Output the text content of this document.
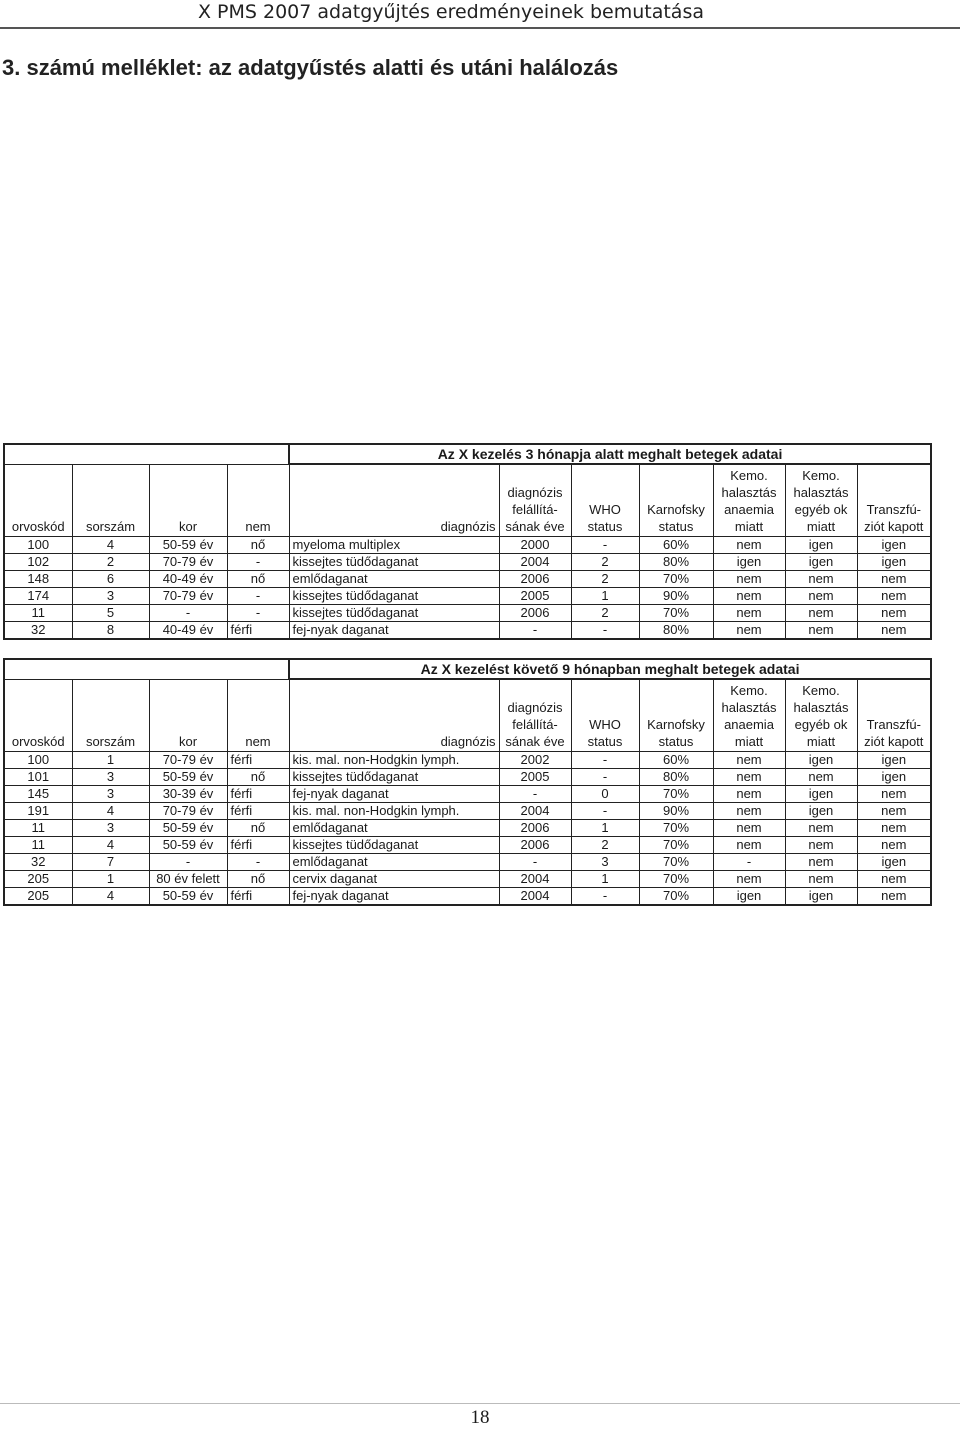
X PMS 2007 adatgyűjtés eredményeinek bemutatása
3. számú melléklet: az adatgyűstés alatti és utáni halálozás
				Az X kezelés 3 hónapja alatt meghalt betegek adatai						
orvoskód	sorszám	kor	nem	diagnózis	diagnózis felállítá- sának éve	WHO status	Karnofsky status	Kemo. halasztás anaemia miatt	Kemo. halasztás egyéb ok miatt	Transzfú- ziót kapott
100	4	50-59 év	nő	myeloma multiplex	2000	-	60%	nem	igen	igen
102	2	70-79 év	-	kissejtes tüdődaganat	2004	2	80%	igen	igen	igen
148	6	40-49 év	nő	emlődaganat	2006	2	70%	nem	nem	nem
174	3	70-79 év	-	kissejtes tüdődaganat	2005	1	90%	nem	nem	nem
11	5	-	-	kissejtes tüdődaganat	2006	2	70%	nem	nem	nem
32	8	40-49 év	férfi	fej-nyak daganat	-	-	80%	nem	nem	nem
				Az X kezelést követő 9 hónapban meghalt betegek adatai						
orvoskód	sorszám	kor	nem	diagnózis	diagnózis felállítá- sának éve	WHO status	Karnofsky status	Kemo. halasztás anaemia miatt	Kemo. halasztás egyéb ok miatt	Transzfú- ziót kapott
100	1	70-79 év	férfi	kis. mal. non-Hodgkin lymph.	2002	-	60%	nem	igen	igen
101	3	50-59 év	nő	kissejtes tüdődaganat	2005	-	80%	nem	nem	igen
145	3	30-39 év	férfi	fej-nyak daganat	-	0	70%	nem	igen	nem
191	4	70-79 év	férfi	kis. mal. non-Hodgkin lymph.	2004	-	90%	nem	igen	nem
11	3	50-59 év	nő	emlődaganat	2006	1	70%	nem	nem	nem
11	4	50-59 év	férfi	kissejtes tüdődaganat	2006	2	70%	nem	nem	nem
32	7	-	-	emlődaganat	-	3	70%	-	nem	igen
205	1	80 év felett	nő	cervix daganat	2004	1	70%	nem	nem	nem
205	4	50-59 év	férfi	fej-nyak daganat	2004	-	70%	igen	igen	nem
18
